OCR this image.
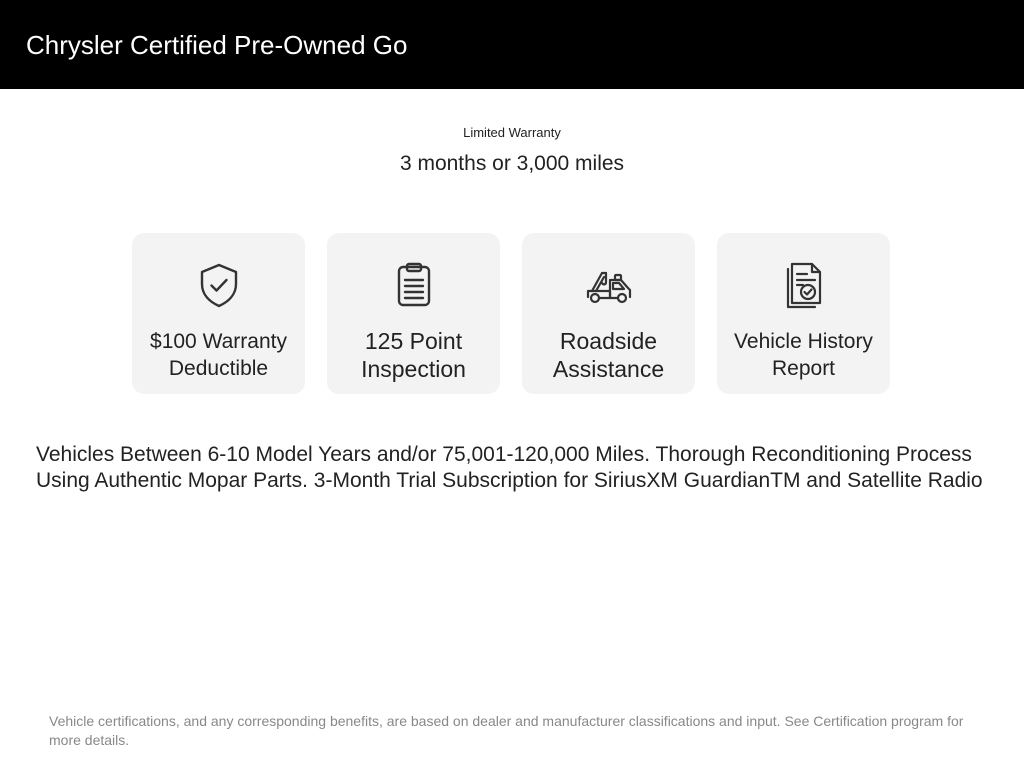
Chrysler Certified Pre-Owned Go
Limited Warranty
3 months or 3,000 miles
$100 Warranty Deductible
125 Point Inspection
Roadside Assistance
Vehicle History Report
Vehicles Between 6-10 Model Years and/or 75,001-120,000 Miles. Thorough Reconditioning Process Using Authentic Mopar Parts. 3-Month Trial Subscription for SiriusXM GuardianTM and Satellite Radio
Vehicle certifications, and any corresponding benefits, are based on dealer and manufacturer classifications and input. See Certification program for more details.
